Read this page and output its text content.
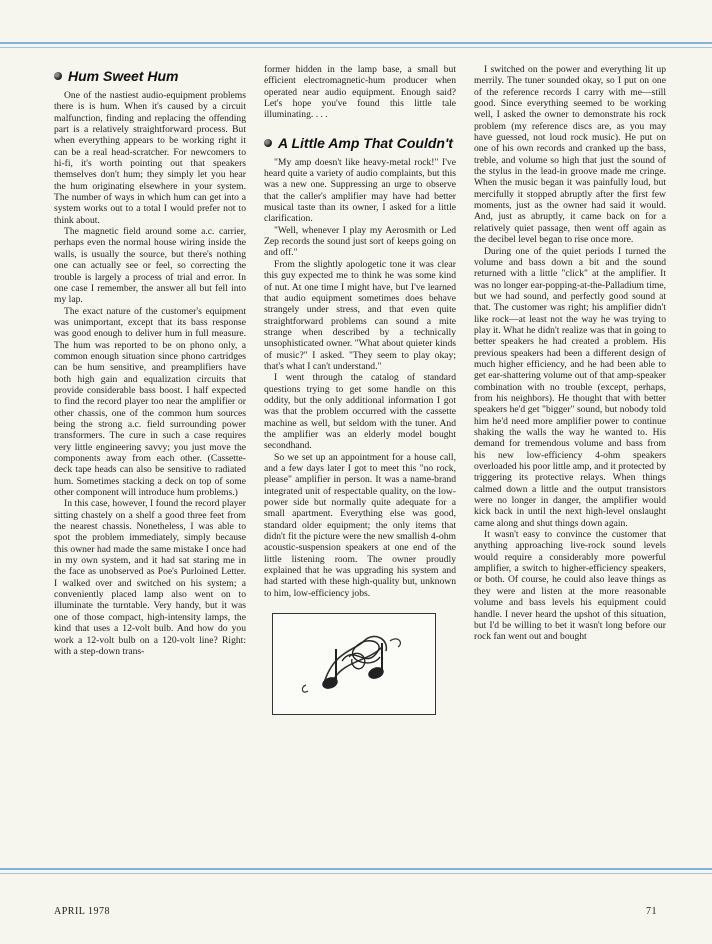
Hum Sweet Hum

One of the nastiest audio-equipment problems there is is hum. When it's caused by a circuit malfunction, finding and replacing the offending part is a relatively straightforward process. But when everything appears to be working right it can be a real head-scratcher. For newcomers to hi-fi, it's worth pointing out that speakers themselves don't hum; they simply let you hear the hum originating elsewhere in your system. The number of ways in which hum can get into a system works out to a total I would prefer not to think about.

The magnetic field around some a.c. carrier, perhaps even the normal house wiring inside the walls, is usually the source, but there's nothing one can actually see or feel, so correcting the trouble is largely a process of trial and error. In one case I remember, the answer all but fell into my lap.

The exact nature of the customer's equipment was unimportant, except that its bass response was good enough to deliver hum in full measure. The hum was reported to be on phono only, a common enough situation since phono cartridges can be hum sensitive, and preamplifiers have both high gain and equalization circuits that provide considerable bass boost. I half expected to find the record player too near the amplifier or other chassis, one of the common hum sources being the strong a.c. field surrounding power transformers. The cure in such a case requires very little engineering savvy; you just move the components away from each other. (Cassette-deck tape heads can also be sensitive to radiated hum. Sometimes stacking a deck on top of some other component will introduce hum problems.)

In this case, however, I found the record player sitting chastely on a shelf a good three feet from the nearest chassis. Nonetheless, I was able to spot the problem immediately, simply because this owner had made the same mistake I once had in my own system, and it had sat staring me in the face as unobserved as Poe's Purloined Letter. I walked over and switched on his system; a conveniently placed lamp also went on to illuminate the turntable. Very handy, but it was one of those compact, high-intensity lamps, the kind that uses a 12-volt bulb. And how do you work a 12-volt bulb on a 120-volt line? Right: with a step-down trans-

former hidden in the lamp base, a small but efficient electromagnetic-hum producer when operated near audio equipment. Enough said? Let's hope you've found this little tale illuminating. . . .

A Little Amp That Couldn't

"My amp doesn't like heavy-metal rock!" I've heard quite a variety of audio complaints, but this was a new one. Suppressing an urge to observe that the caller's amplifier may have had better musical taste than its owner, I asked for a little clarification.

"Well, whenever I play my Aerosmith or Led Zep records the sound just sort of keeps going on and off."

From the slightly apologetic tone it was clear this guy expected me to think he was some kind of nut. At one time I might have, but I've learned that audio equipment sometimes does behave strangely under stress, and that even quite straightforward problems can sound a mite strange when described by a technically unsophisticated owner. "What about quieter kinds of music?" I asked. "They seem to play okay; that's what I can't understand."

I went through the catalog of standard questions trying to get some handle on this oddity, but the only additional information I got was that the problem occurred with the cassette machine as well, but seldom with the tuner. And the amplifier was an elderly model bought secondhand.

So we set up an appointment for a house call, and a few days later I got to meet this "no rock, please" amplifier in person. It was a name-brand integrated unit of respectable quality, on the low-power side but normally quite adequate for a small apartment. Everything else was good, standard older equipment; the only items that didn't fit the picture were the new smallish 4-ohm acoustic-suspension speakers at one end of the little listening room. The owner proudly explained that he was upgrading his system and had started with these high-quality but, unknown to him, low-efficiency jobs.

I switched on the power and everything lit up merrily. The tuner sounded okay, so I put on one of the reference records I carry with me—still good. Since everything seemed to be working well, I asked the owner to demonstrate his rock problem (my reference discs are, as you may have guessed, not loud rock music). He put on one of his own records and cranked up the bass, treble, and volume so high that just the sound of the stylus in the lead-in groove made me cringe. When the music began it was painfully loud, but mercifully it stopped abruptly after the first few moments, just as the owner had said it would. And, just as abruptly, it came back on for a relatively quiet passage, then went off again as the decibel level began to rise once more.

During one of the quiet periods I turned the volume and bass down a bit and the sound returned with a little "click" at the amplifier. It was no longer ear-popping-at-the-Palladium time, but we had sound, and perfectly good sound at that. The customer was right; his amplifier didn't like rock—at least not the way he was trying to play it. What he didn't realize was that in going to better speakers he had created a problem. His previous speakers had been a different design of much higher efficiency, and he had been able to get ear-shattering volume out of that amp-speaker combination with no trouble (except, perhaps, from his neighbors). He thought that with better speakers he'd get "bigger" sound, but nobody told him he'd need more amplifier power to continue shaking the walls the way he wanted to. His demand for tremendous volume and bass from his new low-efficiency 4-ohm speakers overloaded his poor little amp, and it protected by triggering its protective relays. When things calmed down a little and the output transistors were no longer in danger, the amplifier would kick back in until the next high-level onslaught came along and shut things down again.

It wasn't easy to convince the customer that anything approaching live-rock sound levels would require a considerably more powerful amplifier, a switch to higher-efficiency speakers, or both. Of course, he could also leave things as they were and listen at the more reasonable volume and bass levels his equipment could handle. I never heard the upshot of this situation, but I'd be willing to bet it wasn't long before our rock fan went out and bought

APRIL 1978	71
